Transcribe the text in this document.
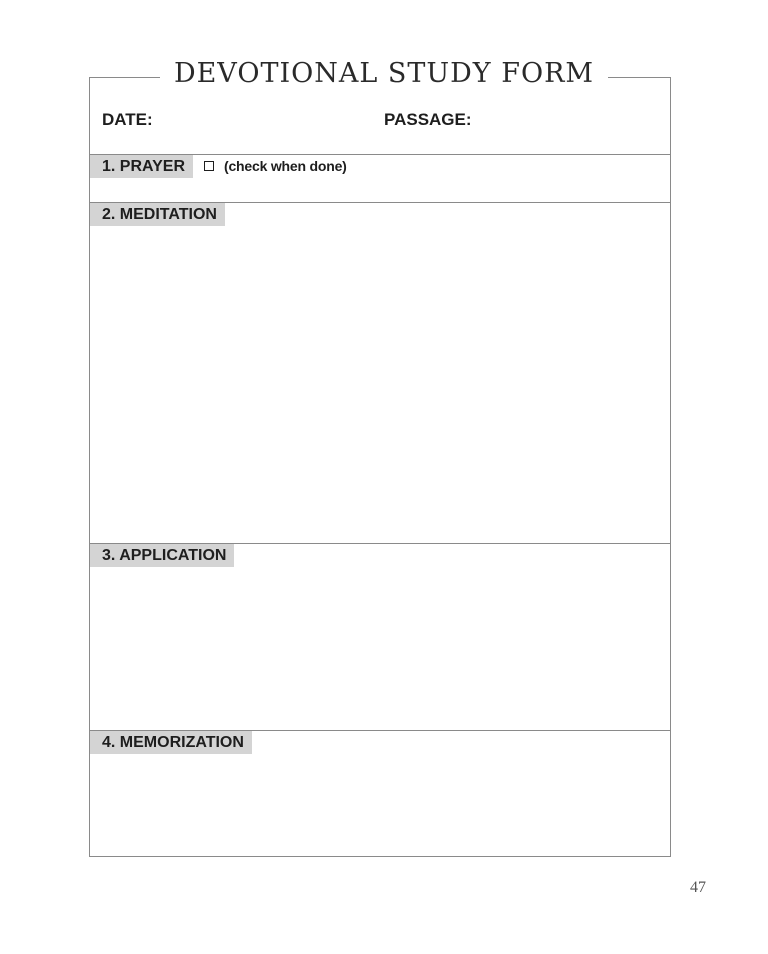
DEVOTIONAL STUDY FORM
DATE:	PASSAGE:
1. PRAYER	(check when done)
2. MEDITATION
3. APPLICATION
4. MEMORIZATION
47
